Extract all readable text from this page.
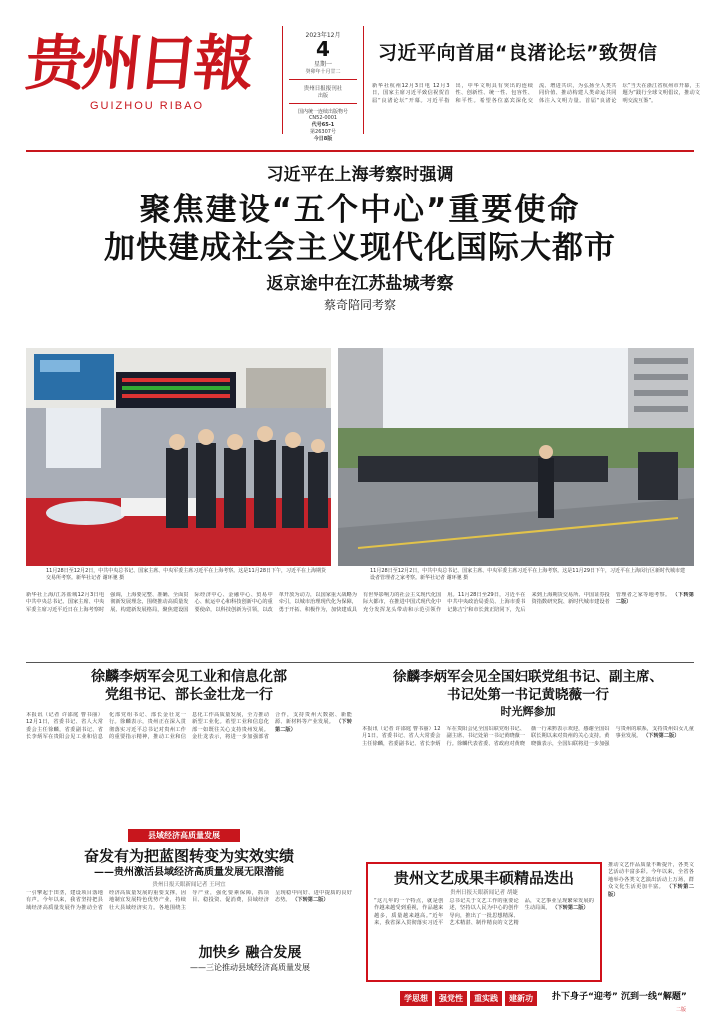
贵州日報
GUIZHOU RIBAO
2023年12月
4
星期一
癸卯年十月廿二
贵州日报报刊社
出版
国内统一连续出版物号
CN52-0001
代号65-1
第26307号
今日8版
习近平向首届“良渚论坛”致贺信
新华社杭州12月3日电 12月3日，国家主席习近平致信祝贺首届“良渚论坛”开幕。习近平指出，中华文明具有突出的连续性、创新性、统一性、包容性、和平性。希望各位嘉宾深化交流、增进共识，为弘扬全人类共同价值、推动构建人类命运共同体注入文明力量。首届“良渚论坛”当天在浙江省杭州市开幕，主题为“践行全球文明倡议，推动文明交流互鉴”。
习近平在上海考察时强调
聚焦建设“五个中心”重要使命
加快建成社会主义现代化国际大都市
返京途中在江苏盐城考察
蔡奇陪同考察
11月28日至12月2日，中共中央总书记、国家主席、中央军委主席习近平在上海考察。这是11月28日下午，习近平在上海期货交易所考察。新华社记者 谢环驰 摄
11月28日至12月2日，中共中央总书记、国家主席、中央军委主席习近平在上海考察。这是11月29日下午，习近平在上海闵行区新时代城市建设者管理者之家考察。新华社记者 谢环驰 摄
新华社上海/江苏盐城12月3日电 中共中央总书记、国家主席、中央军委主席习近平近日在上海考察时强调，上海要完整、准确、全面贯彻新发展理念，围绕推动高质量发展、构建新发展格局，聚焦建设国际经济中心、金融中心、贸易中心、航运中心和科技创新中心的重要使命，以科技创新为引领，以改革开放为动力，以国家重大战略为牵引，以城市治理现代化为保障，勇于开拓、积极作为，加快建成具有世界影响力的社会主义现代化国际大都市，在推进中国式现代化中充分发挥龙头带动和示范引领作用。11月28日至29日，习近平在中共中央政治局委员、上海市委书记陈吉宁和市长龚正陪同下，先后来到上海期货交易所、中国证券投资指数研究院、新时代城市建设者管理者之家等地考察。 （下转第二版）
徐麟李炳军会见工业和信息化部
党组书记、部长金壮龙一行
本报讯（记者 许邵庭 曹书丽）12月1日，省委书记、省人大常委会主任徐麟，省委副书记、省长李炳军在贵阳会见工业和信息化部党组书记、部长金壮龙一行。徐麟表示，贵州正在深入贯彻落实习近平总书记对贵州工作的重要指示精神，推动工业和信息化工作高质量发展，全力推动新型工业化。希望工业和信息化部一如既往关心支持贵州发展。金壮龙表示，将进一步加强部省合作，支持贵州大数据、新能源、新材料等产业发展。 （下转第二版）
徐麟李炳军会见全国妇联党组书记、副主席、
书记处第一书记黄晓薇一行
时光辉参加
本报讯（记者 许邵庭 曹书丽）12月1日，省委书记、省人大常委会主任徐麟，省委副书记、省长李炳军在贵阳会见全国妇联党组书记、副主席、书记处第一书记黄晓薇一行。徐麟代表省委、省政府对黄晓薇一行来黔表示欢迎，感谢全国妇联长期以来对贵州的关心支持。黄晓薇表示，全国妇联将进一步加强与贵州的联系，支持贵州妇女儿童事业发展。 （下转第二版）
县域经济高质量发展
奋发有为把蓝图转变为实效实绩
——贵州激活县域经济高质量发展无限潜能
贵州日报天眼新闻记者 王珂宜
一引擎起于田垄，建设项目落地有声。今年以来，我省坚持把县域经济高质量发展作为推动全省经济高质量发展的重要支撑，因地制宜发展特色优势产业，持续壮大县域经济实力。各地围绕主导产业，强化要素保障，抓项目、稳投资、促消费，县域经济呈现稳中向好、进中提质的良好态势。 （下转第二版）
加快乡 融合发展
——三论推动县域经济高质量发展
贵州文艺成果丰硕精品迭出
贵州日报天眼新闻记者 胡婕
“这几年的一个特点，就是创作越来越受到重视，作品越来越多，质量越来越高。”近年来，我省深入贯彻落实习近平总书记关于文艺工作的重要论述，坚持以人民为中心的创作导向，推出了一批思想精深、艺术精湛、制作精良的文艺精品，文艺事业呈现繁荣发展的生动局面。 （下转第二版）
推动文艺作品质量不断提升，各类文艺活动丰富多彩。今年以来，全省各地举办各类文艺演出活动上万场，群众文化生活更加丰富。 （下转第二版）
学思想	强党性	重实践	建新功	扑下身子“迎考” 沉到一线“解题”
二版
